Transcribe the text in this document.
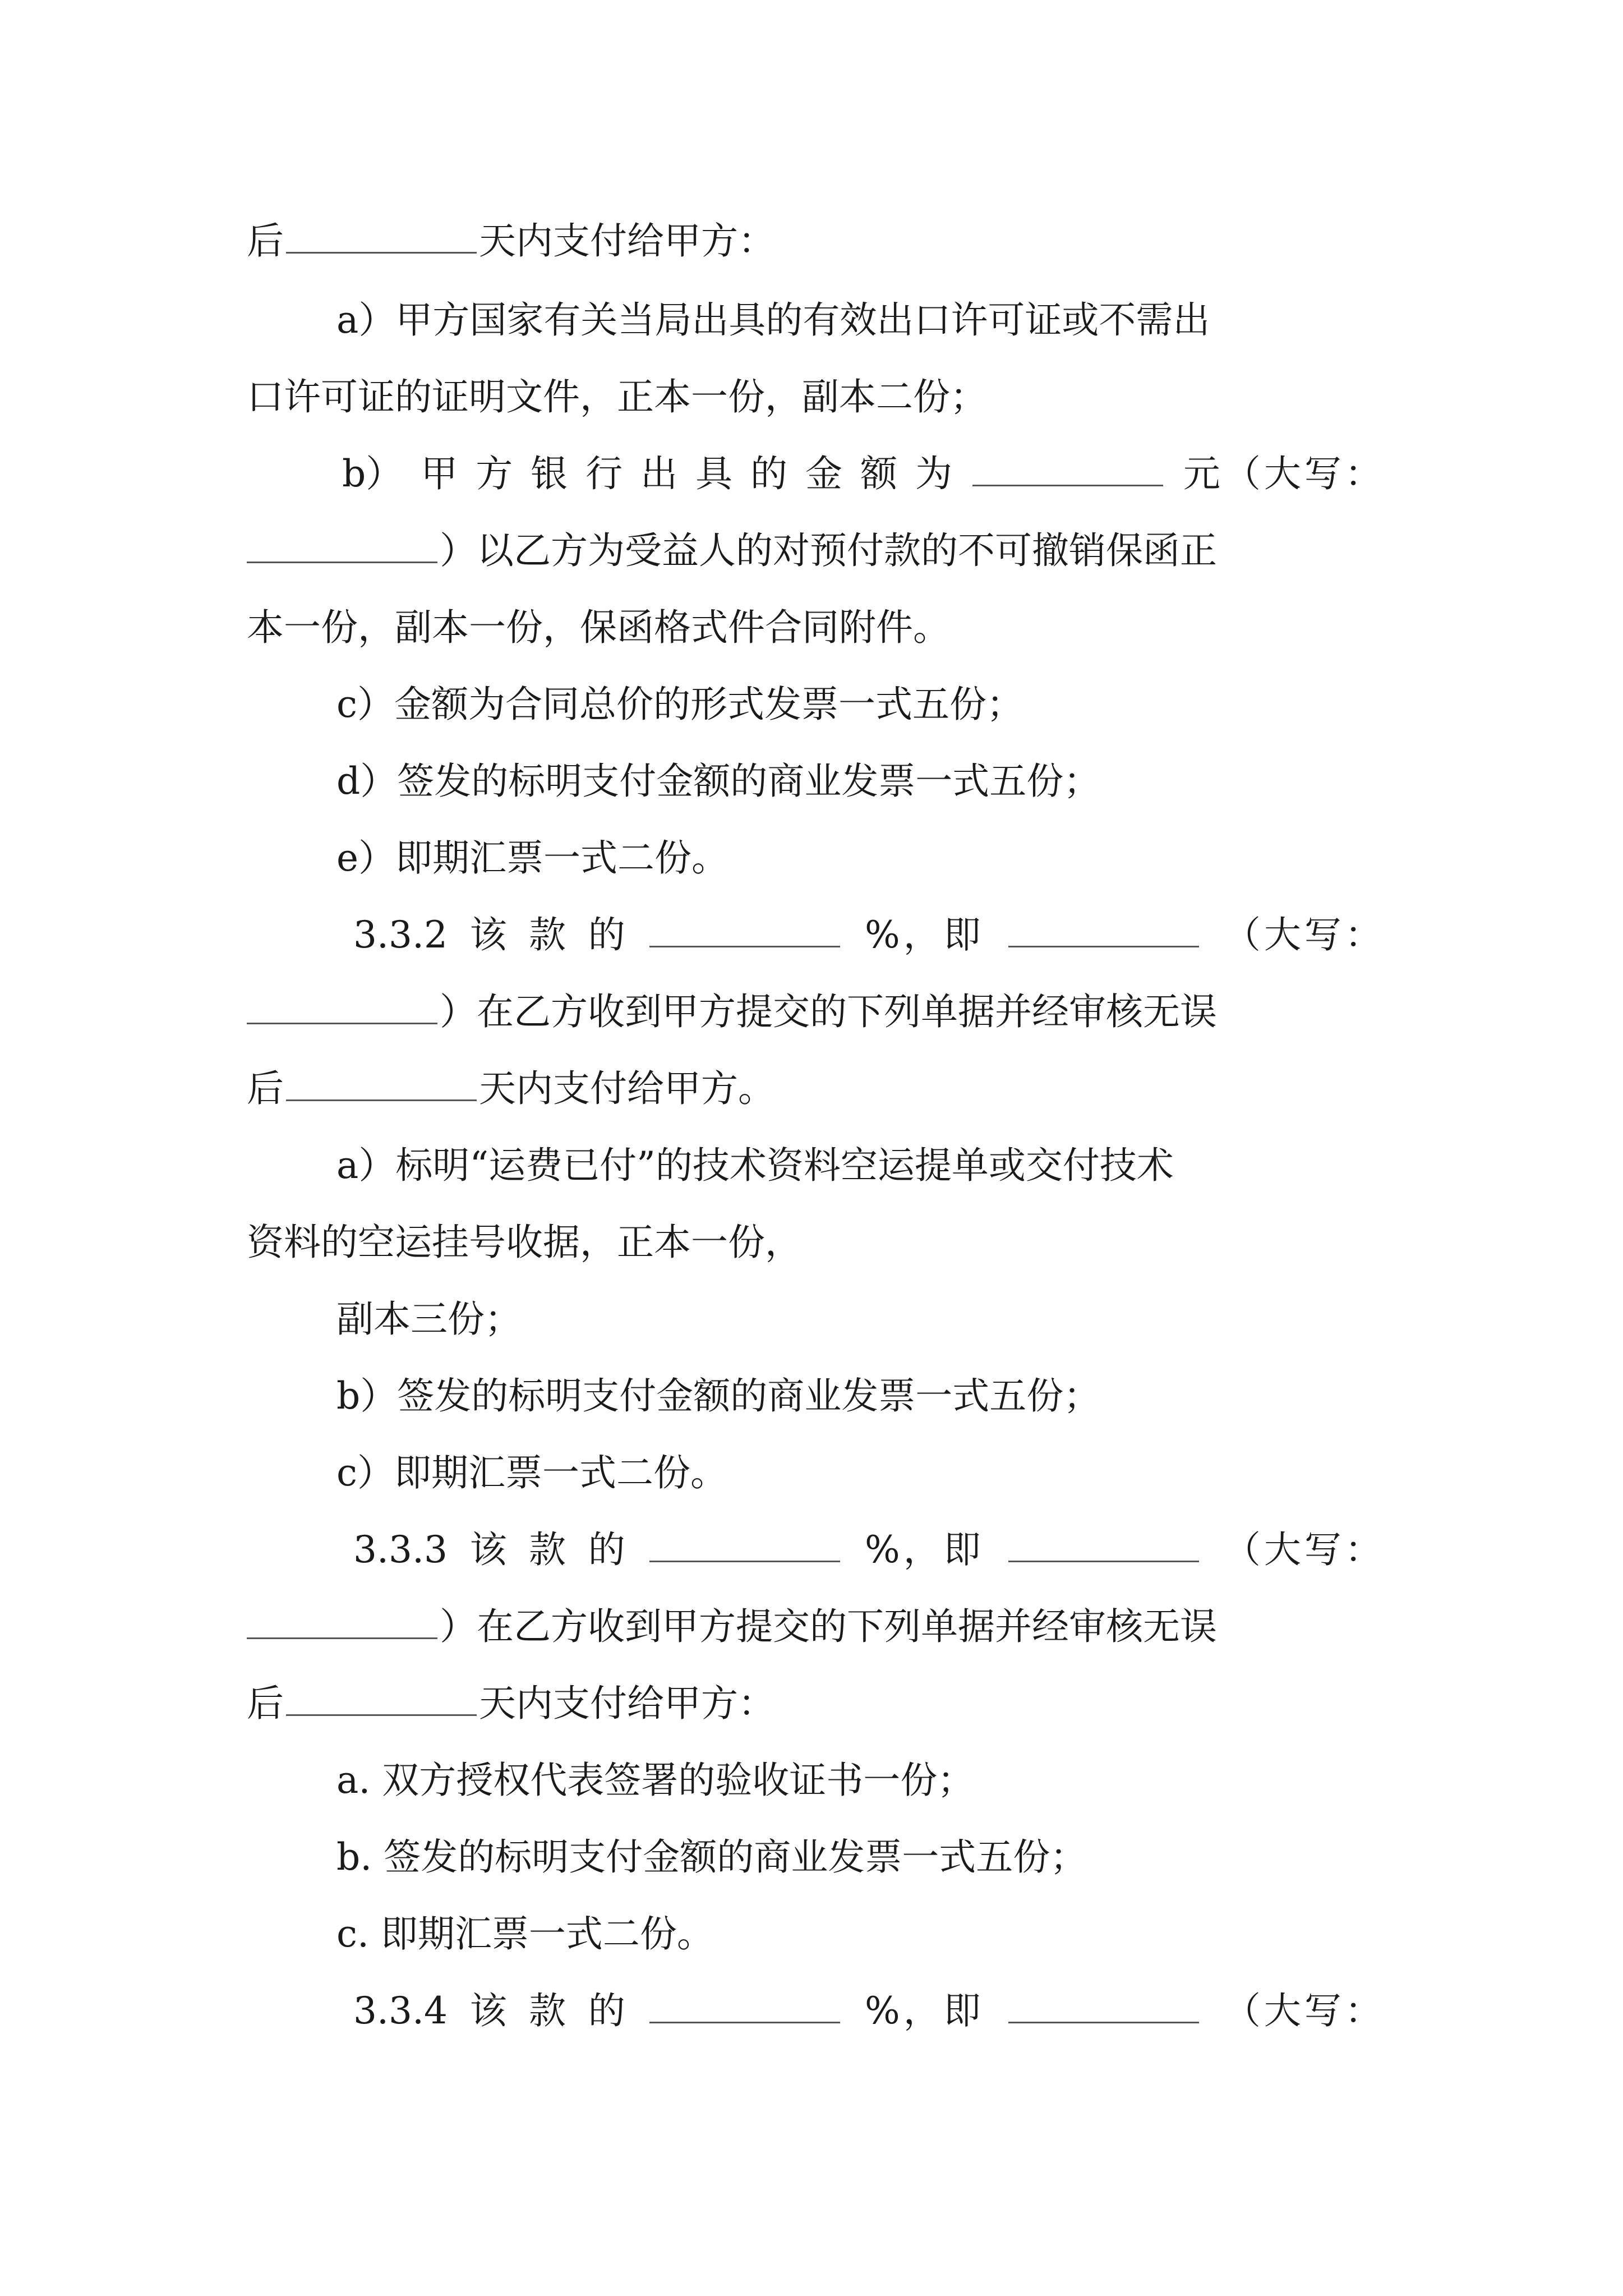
后	天内支付给甲方：
a）甲方国家有关当局出具的有效出口许可证或不需出
口许可证的证明文件，正本一份，副本二份；
b） 甲 方 银 行 出 具 的 金 额 为	元（大写：
）以乙方为受益人的对预付款的不可撤销保函正
本一份，副本一份，保函格式件合同附件。
c）金额为合同总价的形式发票一式五份；
d）签发的标明支付金额的商业发票一式五份；
e）即期汇票一式二份。
3.3.2 该 款 的	%，即	（大写：
）在乙方收到甲方提交的下列单据并经审核无误
后	天内支付给甲方。
a）标明“运费已付”的技术资料空运提单或交付技术
资料的空运挂号收据，正本一份，
副本三份；
b）签发的标明支付金额的商业发票一式五份；
c）即期汇票一式二份。
3.3.3 该 款 的	%，即	（大写：
）在乙方收到甲方提交的下列单据并经审核无误
后	天内支付给甲方：
a. 双方授权代表签署的验收证书一份；
b. 签发的标明支付金额的商业发票一式五份；
c. 即期汇票一式二份。
3.3.4 该 款 的	%，即	（大写：
